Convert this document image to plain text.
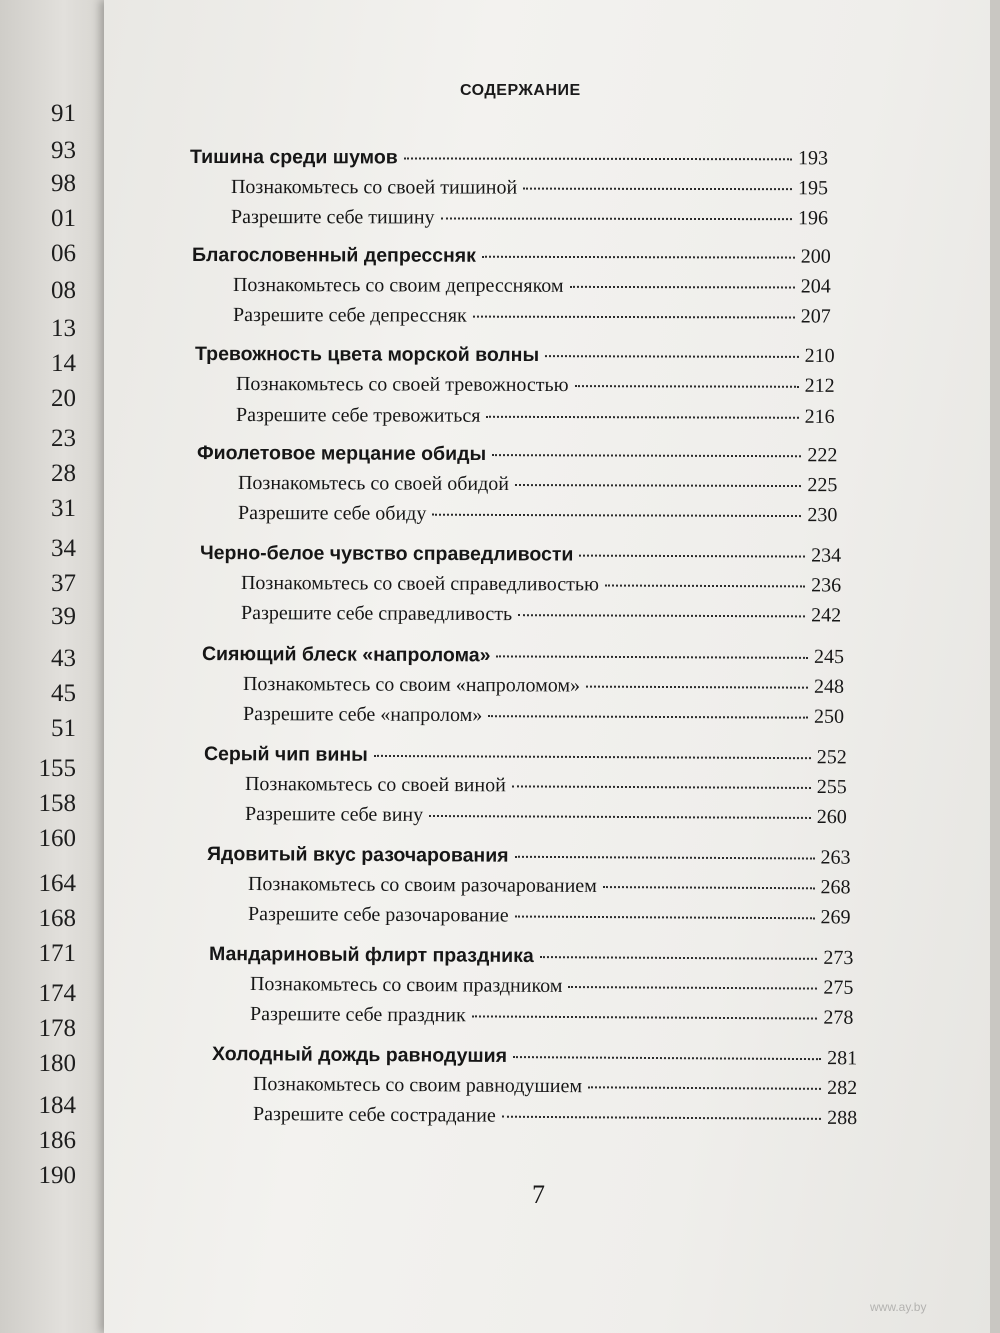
91
93
98
01
06
08
13
14
20
23
28
31
34
37
39
43
45
51
155
158
160
164
168
171
174
178
180
184
186
190
СОДЕРЖАНИЕ
Тишина среди шумов	193
Познакомьтесь со своей тишиной	195
Разрешите себе тишину	196
Благословенный депрессняк	200
Познакомьтесь со своим депрессняком	204
Разрешите себе депрессняк	207
Тревожность цвета морской волны	210
Познакомьтесь со своей тревожностью	212
Разрешите себе тревожиться	216
Фиолетовое мерцание обиды	222
Познакомьтесь со своей обидой	225
Разрешите себе обиду	230
Черно-белое чувство справедливости	234
Познакомьтесь со своей справедливостью	236
Разрешите себе справедливость	242
Сияющий блеск «напролома»	245
Познакомьтесь со своим «напроломом»	248
Разрешите себе «напролом»	250
Серый чип вины	252
Познакомьтесь со своей виной	255
Разрешите себе вину	260
Ядовитый вкус разочарования	263
Познакомьтесь со своим разочарованием	268
Разрешите себе разочарование	269
Мандариновый флирт праздника	273
Познакомьтесь со своим праздником	275
Разрешите себе праздник	278
Холодный дождь равнодушия	281
Познакомьтесь со своим равнодушием	282
Разрешите себе сострадание	288
7
www.ay.by
